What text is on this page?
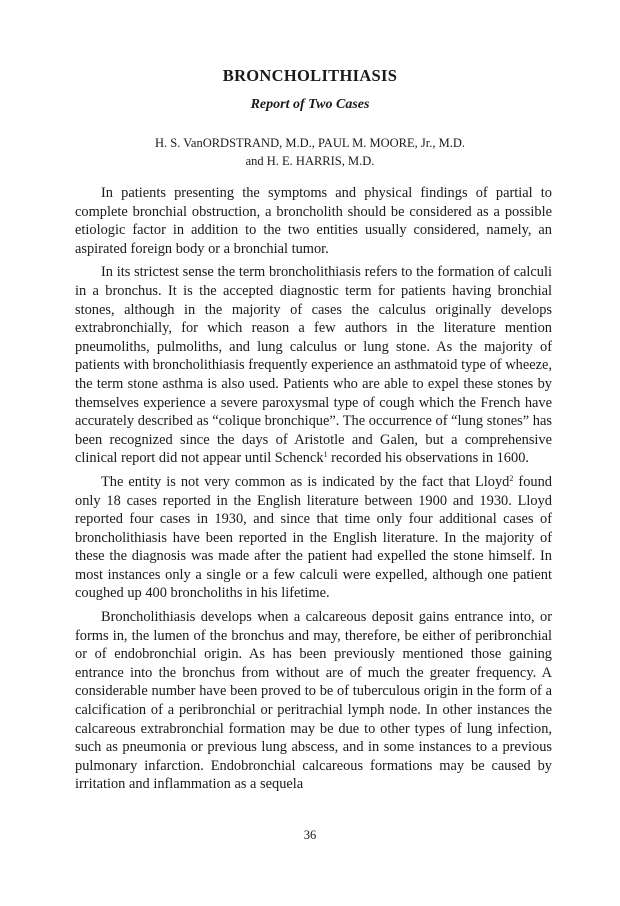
BRONCHOLITHIASIS
Report of Two Cases
H. S. VanORDSTRAND, M.D., PAUL M. MOORE, Jr., M.D.
and H. E. HARRIS, M.D.

In patients presenting the symptoms and physical findings of partial to complete bronchial obstruction, a broncholith should be considered as a possible etiologic factor in addition to the two entities usually considered, namely, an aspirated foreign body or a bronchial tumor.

In its strictest sense the term broncholithiasis refers to the formation of calculi in a bronchus. It is the accepted diagnostic term for patients having bronchial stones, although in the majority of cases the calculus originally develops extrabronchially, for which reason a few authors in the literature mention pneumoliths, pulmoliths, and lung calculus or lung stone. As the majority of patients with broncholithiasis frequently experience an asthmatoid type of wheeze, the term stone asthma is also used. Patients who are able to expel these stones by themselves experience a severe paroxysmal type of cough which the French have accurately described as “colique bronchique”. The occurrence of “lung stones” has been recognized since the days of Aristotle and Galen, but a comprehensive clinical report did not appear until Schenck$^1$ recorded his observations in 1600.

The entity is not very common as is indicated by the fact that Lloyd$^2$ found only 18 cases reported in the English literature between 1900 and 1930. Lloyd reported four cases in 1930, and since that time only four additional cases of broncholithiasis have been reported in the English literature. In the majority of these the diagnosis was made after the patient had expelled the stone himself. In most instances only a single or a few calculi were expelled, although one patient coughed up 400 broncholiths in his lifetime.

Broncholithiasis develops when a calcareous deposit gains entrance into, or forms in, the lumen of the bronchus and may, therefore, be either of peribronchial or of endobronchial origin. As has been previously mentioned those gaining entrance into the bronchus from without are of much the greater frequency. A considerable number have been proved to be of tuberculous origin in the form of a calcification of a peribronchial or peritrachial lymph node. In other instances the calcareous extrabronchial formation may be due to other types of lung infection, such as pneumonia or previous lung abscess, and in some instances to a previous pulmonary infarction. Endobronchial calcareous formations may be caused by irritation and inflammation as a sequela

36
